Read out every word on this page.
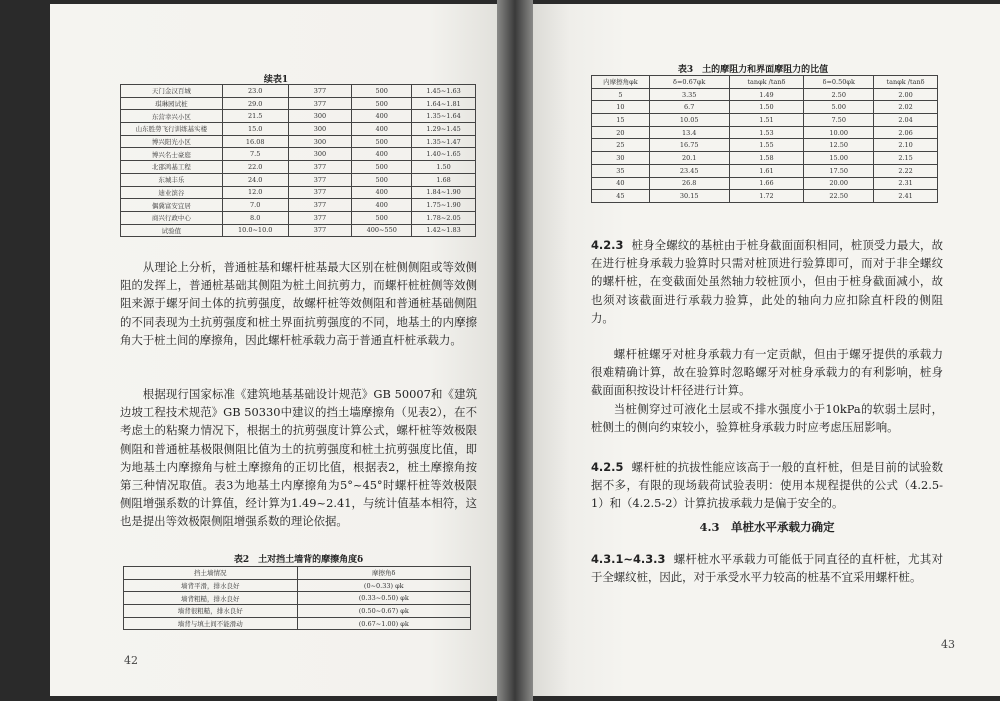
续表1
天门金汉百城	23.0	377	500	1.45~1.63
琪琳园试桩	29.0	377	500	1.64~1.81
东营幸兴小区	21.5	300	400	1.35~1.64
山东胜勞飞行训练基实楼	15.0	300	400	1.29~1.45
博兴阳光小区	16.08	300	500	1.35~1.47
博兴名士豪庭	7.5	300	400	1.40~1.65
北邵鸿基工程	22.0	377	500	1.50
东城丰乐	24.0	377	500	1.68
迪业滨谷	12.0	377	400	1.84~1.90
偶冀富安宜居	7.0	377	400	1.75~1.90
商兴行政中心	8.0	377	500	1.78~2.05
试验值	10.0~10.0	377	400~550	1.42~1.83
从理论上分析，普通桩基和螺杆桩基最大区别在桩侧侧阻或等效侧阻的发挥上，普通桩基础其侧阻为桩土间抗剪力，而螺杆桩桩侧等效侧阻来源于螺牙间土体的抗剪强度，故螺杆桩等效侧阻和普通桩基础侧阻的不同表现为土抗剪强度和桩土界面抗剪强度的不同，地基土的内摩擦角大于桩土间的摩擦角，因此螺杆桩承载力高于普通直杆桩承载力。
根据现行国家标准《建筑地基基础设计规范》GB 50007和《建筑边坡工程技术规范》GB 50330中建议的挡土墙摩擦角（见表2），在不考虑土的粘聚力情况下，根据土的抗剪强度计算公式，螺杆桩等效极限侧阻和普通桩基极限侧阻比值为土的抗剪强度和桩土抗剪强度比值，即为地基土内摩擦角与桩土摩擦角的正切比值，根据表2，桩土摩擦角按第三种情况取值。表3为地基土内摩擦角为5°~45°时螺杆桩等效极限侧阻增强系数的计算值，经计算为1.49~2.41，与统计值基本相符，这也是提出等效极限侧阻增强系数的理论依据。
表2　土对挡土墙背的摩擦角度δ
挡土墙情况	摩擦角δ
墙背平滑，排水良好	(0~0.33) φk
墙背粗糙，排水良好	(0.33~0.50) φk
墙背很粗糙，排水良好	(0.50~0.67) φk
墙背与填土间不能滑动	(0.67~1.00) φk
42
表3　土的摩阻力和界面摩阻力的比值
内摩擦角φk	δ=0.67φk	tanφk /tanδ	δ=0.50φk	tanφk /tanδ
5	3.35	1.49	2.50	2.00
10	6.7	1.50	5.00	2.02
15	10.05	1.51	7.50	2.04
20	13.4	1.53	10.00	2.06
25	16.75	1.55	12.50	2.10
30	20.1	1.58	15.00	2.15
35	23.45	1.61	17.50	2.22
40	26.8	1.66	20.00	2.31
45	30.15	1.72	22.50	2.41
4.2.3 桩身全螺纹的基桩由于桩身截面面积相同，桩顶受力最大，故在进行桩身承载力验算时只需对桩顶进行验算即可，而对于非全螺纹的螺杆桩，在变截面处虽然轴力较桩顶小，但由于桩身截面减小，故也须对该截面进行承载力验算，此处的轴向力应扣除直杆段的侧阻力。
螺杆桩螺牙对桩身承载力有一定贡献，但由于螺牙提供的承载力很难精确计算，故在验算时忽略螺牙对桩身承载力的有利影响，桩身截面面积按设计杆径进行计算。
当桩侧穿过可液化土层或不排水强度小于10kPa的软弱土层时，桩侧土的侧向约束较小，验算桩身承载力时应考虑压屈影响。
4.2.5 螺杆桩的抗拔性能应该高于一般的直杆桩，但是目前的试验数据不多，有限的现场载荷试验表明：使用本规程提供的公式（4.2.5-1）和（4.2.5-2）计算抗拔承载力是偏于安全的。
4.3　单桩水平承载力确定
4.3.1~4.3.3 螺杆桩水平承载力可能低于同直径的直杆桩，尤其对于全螺纹桩，因此，对于承受水平力较高的桩基不宜采用螺杆桩。
43
